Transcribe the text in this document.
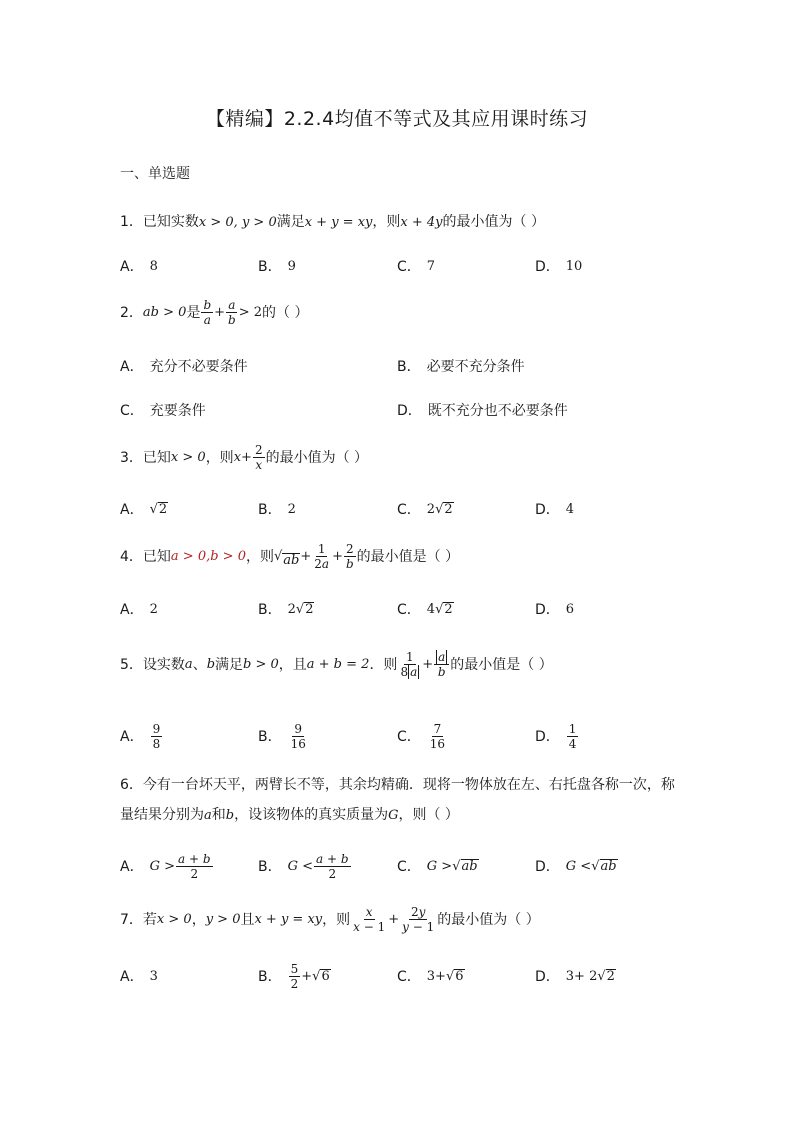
【精编】2.2.4均值不等式及其应用课时练习
一、单选题
1．已知实数x > 0, y > 0满足x + y = xy，则x + 4y的最小值为（ ）
A． 8	B． 9	C． 7	D． 10
2． ab > 0 是 $\frac{b}{a} + \frac{a}{b} > 2$ 的（ ）
A． 充分不必要条件	B． 必要不充分条件
C． 充要条件	D． 既不充分也不必要条件
3． 已知 x > 0 ，则 $x + \frac{2}{x}$ 的最小值为（ ）
A． √ 2	B． 2	C． 2 √ 2	D． 4
4． 已知 a > 0,b > 0 ，则 √ ab + $\frac{1}{2a} + \frac{2}{b}$ 的最小值是（ ）
A． 2	B． 2 √ 2	C． 4 √ 2	D． 6
5． 设实数 a 、 b 满足 b > 0 ，且 a + b = 2 ．则 $\frac{1}{8 a} + \frac{a}{b}$ 的最小值是（ ）
A． $\frac{9}{8}$	B． $\frac{9}{16}$	C． $\frac{7}{16}$	D． $\frac{1}{4}$
6．今有一台坏天平，两臂长不等，其余均精确．现将一物体放在左、右托盘各称一次，称
量结果分别为a和b，设该物体的真实质量为G，则（ ）
A． $G > \frac{a + b}{2}$	B． $G < \frac{a + b}{2}$	C． G > √ ab	D． G < √ ab
7． 若 x > 0 ， y > 0 且 x + y = xy ，则 $\frac{x}{x - 1} + \frac{2y}{y - 1}$ 的最小值为（ ）
A． 3	B． $\frac{5}{2}$ + √ 6	C． 3+ √ 6	D． 3+ 2 √ 2
